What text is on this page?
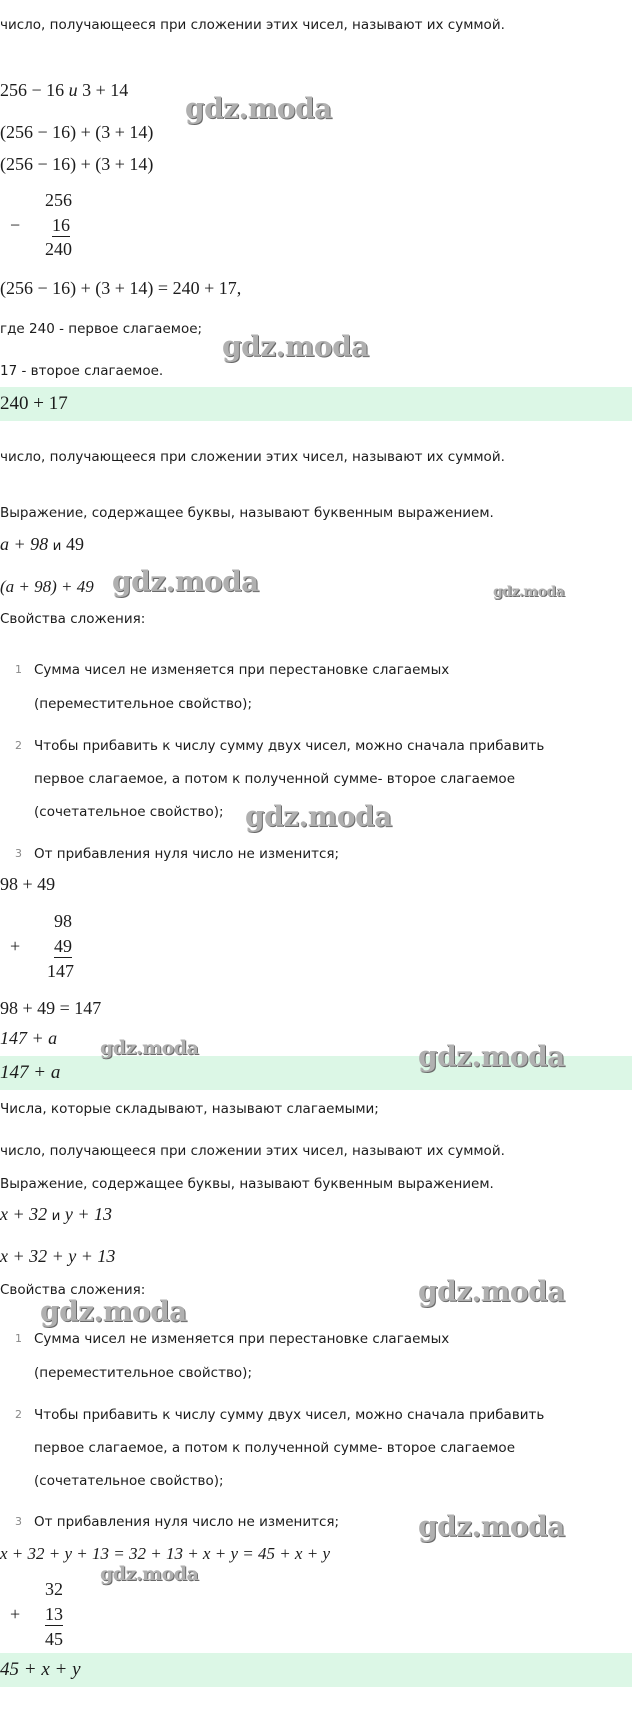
число, получающееся при сложении этих чисел, называют их суммой.
256 − 16 и 3 + 14
(256 − 16) + (3 + 14)
(256 − 16) + (3 + 14)
256
− 16
240
(256 − 16) + (3 + 14) = 240 + 17,
где 240 - первое слагаемое;
17 - второе слагаемое.
240 + 17
число, получающееся при сложении этих чисел, называют их суммой.
Выражение, содержащее буквы, называют буквенным выражением.
a + 98 и 49
(a + 98) + 49
Свойства сложения:
1 Сумма чисел не изменяется при перестановке слагаемых
(переместительное свойство);
2 Чтобы прибавить к числу сумму двух чисел, можно сначала прибавить
первое слагаемое, а потом к полученной сумме- второе слагаемое
(сочетательное свойство);
3 От прибавления нуля число не изменится;
98 + 49
98
+ 49
147
98 + 49 = 147
147 + a
147 + a
Числа, которые складывают, называют слагаемыми;
число, получающееся при сложении этих чисел, называют их суммой.
Выражение, содержащее буквы, называют буквенным выражением.
x + 32 и y + 13
x + 32 + y + 13
Свойства сложения:
1 Сумма чисел не изменяется при перестановке слагаемых
(переместительное свойство);
2 Чтобы прибавить к числу сумму двух чисел, можно сначала прибавить
первое слагаемое, а потом к полученной сумме- второе слагаемое
(сочетательное свойство);
3 От прибавления нуля число не изменится;
x + 32 + y + 13 = 32 + 13 + x + y = 45 + x + y
32
+ 13
45
45 + x + y
gdz.moda
gdz.moda
gdz.moda	gdz.moda
gdz.moda
gdz.moda	gdz.moda
gdz.moda
gdz.moda
gdz.moda
gdz.moda
